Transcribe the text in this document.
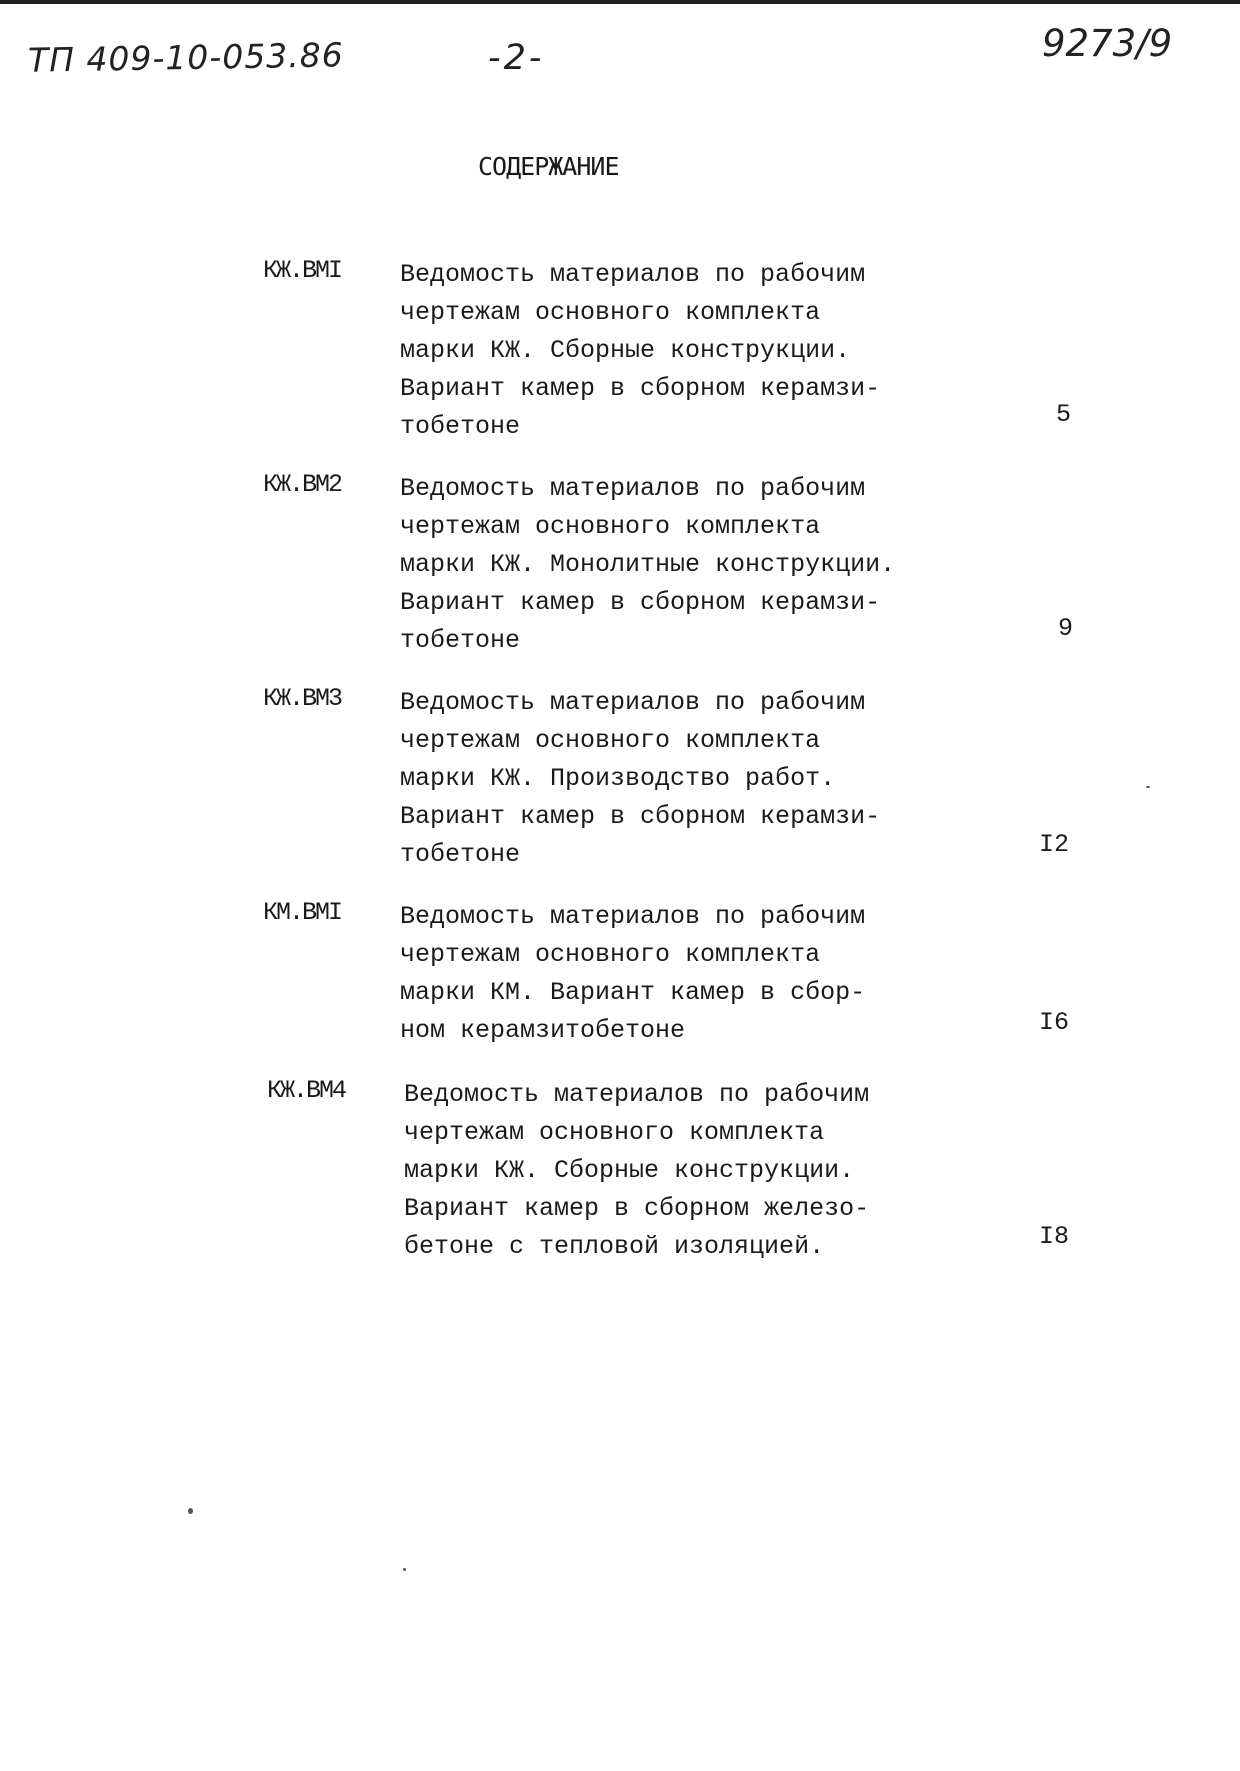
ТП 409-10-053.86	-2-	9273/9
СОДЕРЖАНИЕ
КЖ.ВМI Ведомость материалов по рабочим
чертежам основного комплекта
марки КЖ. Сборные конструкции.
Вариант камер в сборном керамзи-
тобетоне	5
КЖ.ВМ2 Ведомость материалов по рабочим
чертежам основного комплекта
марки КЖ. Монолитные конструкции.
Вариант камер в сборном керамзи-
тобетоне	9
КЖ.ВМ3 Ведомость материалов по рабочим
чертежам основного комплекта
марки КЖ. Производство работ.
Вариант камер в сборном керамзи-
тобетоне	I2
КМ.ВМI Ведомость материалов по рабочим
чертежам основного комплекта
марки КМ. Вариант камер в сбор-
ном керамзитобетоне	I6
КЖ.ВМ4 Ведомость материалов по рабочим
чертежам основного комплекта
марки КЖ. Сборные конструкции.
Вариант камер в сборном железо-
бетоне с тепловой изоляцией.	I8
